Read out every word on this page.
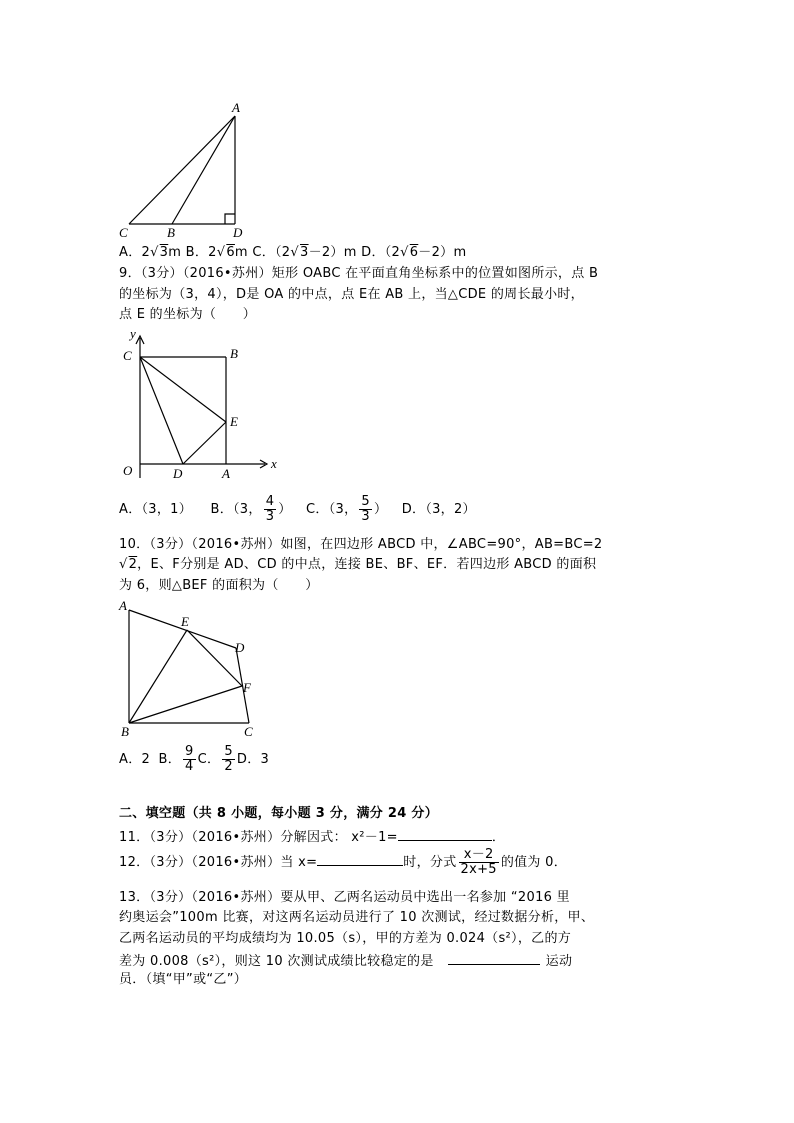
A
C	B	D
A．2√3m B．2√6m C．（2√3－2）m D．（2√6－2）m
9．（3分）（2016•苏州）矩形 OABC 在平面直角坐标系中的位置如图所示，点 B
的坐标为（3，4），D是 OA 的中点，点 E在 AB 上，当△CDE 的周长最小时，
点 E 的坐标为（　　）
y
C	B
E
O	D	A
x
A．（3，1） B．（3， $\frac{4}{3}$ ） C．（3， $\frac{5}{3}$ ） D．（3，2）
10．（3分）（2016•苏州）如图，在四边形 ABCD 中，∠ABC=90°，AB=BC=2
√2，E、F分别是 AD、CD 的中点，连接 BE、BF、EF．若四边形 ABCD 的面积
为 6，则△BEF 的面积为（　　）
A
E
D
F
B	C
A．2 B． $\frac{9}{4}$ C． $\frac{5}{2}$ D．3
二、填空题（共 8 小题，每小题 3 分，满分 24 分）
11．（3分）（2016•苏州）分解因式： x²－1=	．
12．（3分）（2016•苏州）当 x=	时，分式 $\frac{x-2}{2x+5}$ 的值为 0．
13．（3分）（2016•苏州）要从甲、乙两名运动员中选出一名参加 “2016 里
约奥运会”100m 比赛，对这两名运动员进行了 10 次测试，经过数据分析，甲、
乙两名运动员的平均成绩均为 10.05（s），甲的方差为 0.024（s²），乙的方
差为 0.008（s²），则这 10 次测试成绩比较稳定的是	运动
员．（填“甲”或“乙”）
